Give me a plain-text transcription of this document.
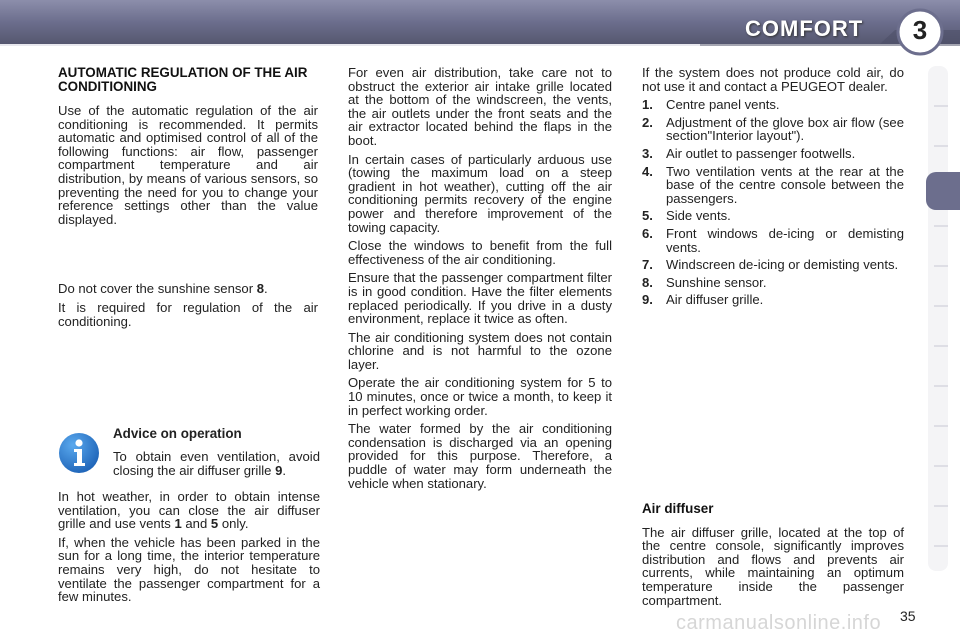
COMFORT	3
AUTOMATIC REGULATION OF THE AIR CONDITIONING

Use of the automatic regulation of the air conditioning is recommended. It permits automatic and optimised control of all of the following functions: air flow, passenger compartment temperature and air distribution, by means of various sensors, so preventing the need for you to change your reference settings other than the value displayed.

Do not cover the sunshine sensor 8.

It is required for regulation of the air conditioning.

Advice on operation

To obtain even ventilation, avoid closing the air diffuser grille 9.

In hot weather, in order to obtain intense ventilation, you can close the air diffuser grille and use vents 1 and 5 only.

If, when the vehicle has been parked in the sun for a long time, the interior temperature remains very high, do not hesitate to ventilate the passenger compartment for a few minutes.

For even air distribution, take care not to obstruct the exterior air intake grille located at the bottom of the windscreen, the vents, the air outlets under the front seats and the air extractor located behind the flaps in the boot.

In certain cases of particularly arduous use (towing the maximum load on a steep gradient in hot weather), cutting off the air conditioning permits recovery of the engine power and therefore improvement of the towing capacity.

Close the windows to benefit from the full effectiveness of the air conditioning.

Ensure that the passenger compartment filter is in good condition. Have the filter elements replaced periodically. If you drive in a dusty environment, replace it twice as often.

The air conditioning system does not contain chlorine and is not harmful to the ozone layer.

Operate the air conditioning system for 5 to 10 minutes, once or twice a month, to keep it in perfect working order.

The water formed by the air conditioning condensation is discharged via an opening provided for this purpose. Therefore, a puddle of water may form underneath the vehicle when stationary.

If the system does not produce cold air, do not use it and contact a PEUGEOT dealer.

1. Centre panel vents.
2. Adjustment of the glove box air flow (see section"Interior layout").
3. Air outlet to passenger footwells.
4. Two ventilation vents at the rear at the base of the centre console between the passengers.
5. Side vents.
6. Front windows de-icing or demisting vents.
7. Windscreen de-icing or demisting vents.
8. Sunshine sensor.
9. Air diffuser grille.
Air diffuser

The air diffuser grille, located at the top of the centre console, significantly improves distribution and flows and prevents air currents, while maintaining an optimum temperature inside the passenger compartment.

carmanualsonline.info 35
